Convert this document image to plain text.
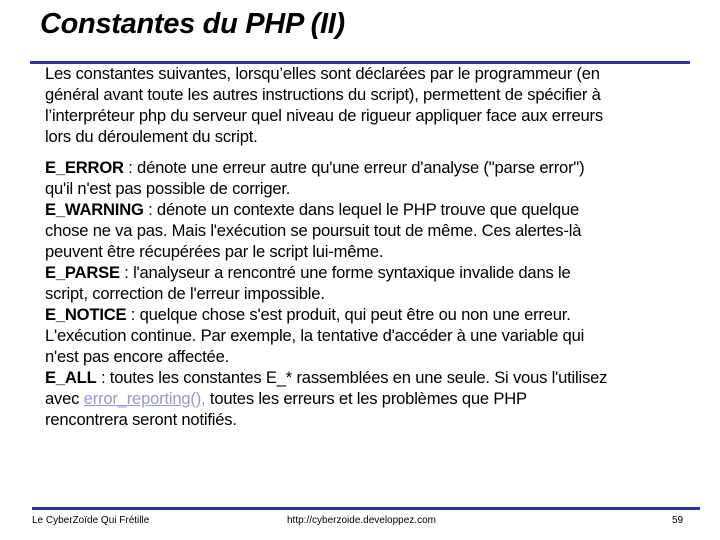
Constantes du PHP (II)
Les constantes suivantes, lorsqu’elles sont déclarées par le programmeur (en
général avant toute les autres instructions du script), permettent de spécifier à
l’interpréteur php du serveur quel niveau de rigueur appliquer face aux erreurs
lors du déroulement du script.
E_ERROR : dénote une erreur autre qu'une erreur d'analyse ("parse error")
qu'il n'est pas possible de corriger.
E_WARNING : dénote un contexte dans lequel le PHP trouve que quelque
chose ne va pas. Mais l'exécution se poursuit tout de même. Ces alertes-là
peuvent être récupérées par le script lui-même.
E_PARSE : l'analyseur a rencontré une forme syntaxique invalide dans le
script, correction de l'erreur impossible.
E_NOTICE : quelque chose s'est produit, qui peut être ou non une erreur.
L'exécution continue. Par exemple, la tentative d'accéder à une variable qui
n'est pas encore affectée.
E_ALL : toutes les constantes E_* rassemblées en une seule. Si vous l'utilisez
avec error_reporting(), toutes les erreurs et les problèmes que PHP
rencontrera seront notifiés.
Le CyberZoïde Qui Frétille	http://cyberzoide.developpez.com	59
